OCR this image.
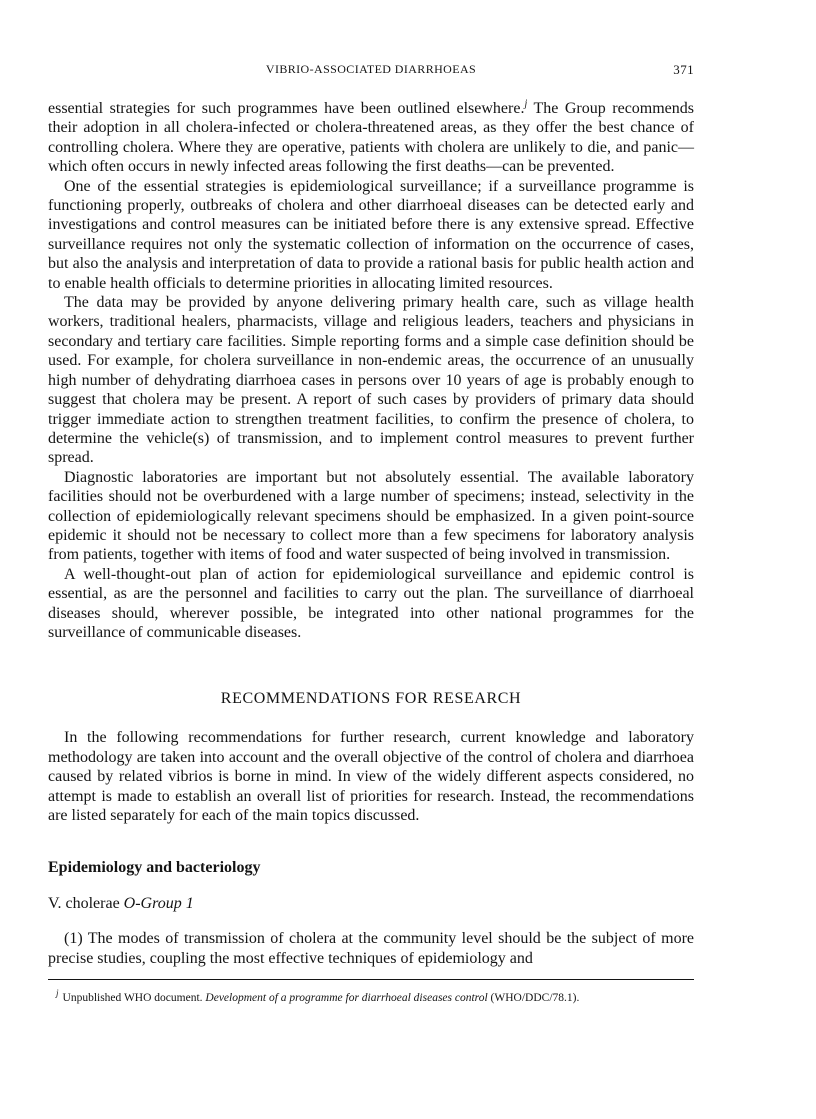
VIBRIO-ASSOCIATED DIARRHOEAS	371

essential strategies for such programmes have been outlined elsewhere.$^j$ The Group recommends their adoption in all cholera-infected or cholera-threatened areas, as they offer the best chance of controlling cholera. Where they are operative, patients with cholera are unlikely to die, and panic—which often occurs in newly infected areas following the first deaths—can be prevented.

One of the essential strategies is epidemiological surveillance; if a surveillance programme is functioning properly, outbreaks of cholera and other diarrhoeal diseases can be detected early and investigations and control measures can be initiated before there is any extensive spread. Effective surveillance requires not only the systematic collection of information on the occurrence of cases, but also the analysis and interpretation of data to provide a rational basis for public health action and to enable health officials to determine priorities in allocating limited resources.

The data may be provided by anyone delivering primary health care, such as village health workers, traditional healers, pharmacists, village and religious leaders, teachers and physicians in secondary and tertiary care facilities. Simple reporting forms and a simple case definition should be used. For example, for cholera surveillance in non-endemic areas, the occurrence of an unusually high number of dehydrating diarrhoea cases in persons over 10 years of age is probably enough to suggest that cholera may be present. A report of such cases by providers of primary data should trigger immediate action to strengthen treatment facilities, to confirm the presence of cholera, to determine the vehicle(s) of transmission, and to implement control measures to prevent further spread.

Diagnostic laboratories are important but not absolutely essential. The available laboratory facilities should not be overburdened with a large number of specimens; instead, selectivity in the collection of epidemiologically relevant specimens should be emphasized. In a given point-source epidemic it should not be necessary to collect more than a few specimens for laboratory analysis from patients, together with items of food and water suspected of being involved in transmission.

A well-thought-out plan of action for epidemiological surveillance and epidemic control is essential, as are the personnel and facilities to carry out the plan. The surveillance of diarrhoeal diseases should, wherever possible, be integrated into other national programmes for the surveillance of communicable diseases.

RECOMMENDATIONS FOR RESEARCH

In the following recommendations for further research, current knowledge and laboratory methodology are taken into account and the overall objective of the control of cholera and diarrhoea caused by related vibrios is borne in mind. In view of the widely different aspects considered, no attempt is made to establish an overall list of priorities for research. Instead, the recommendations are listed separately for each of the main topics discussed.

Epidemiology and bacteriology
V. cholerae O-Group 1

(1) The modes of transmission of cholera at the community level should be the subject of more precise studies, coupling the most effective techniques of epidemiology and

$^j$ Unpublished WHO document. Development of a programme for diarrhoeal diseases control (WHO/DDC/78.1).
